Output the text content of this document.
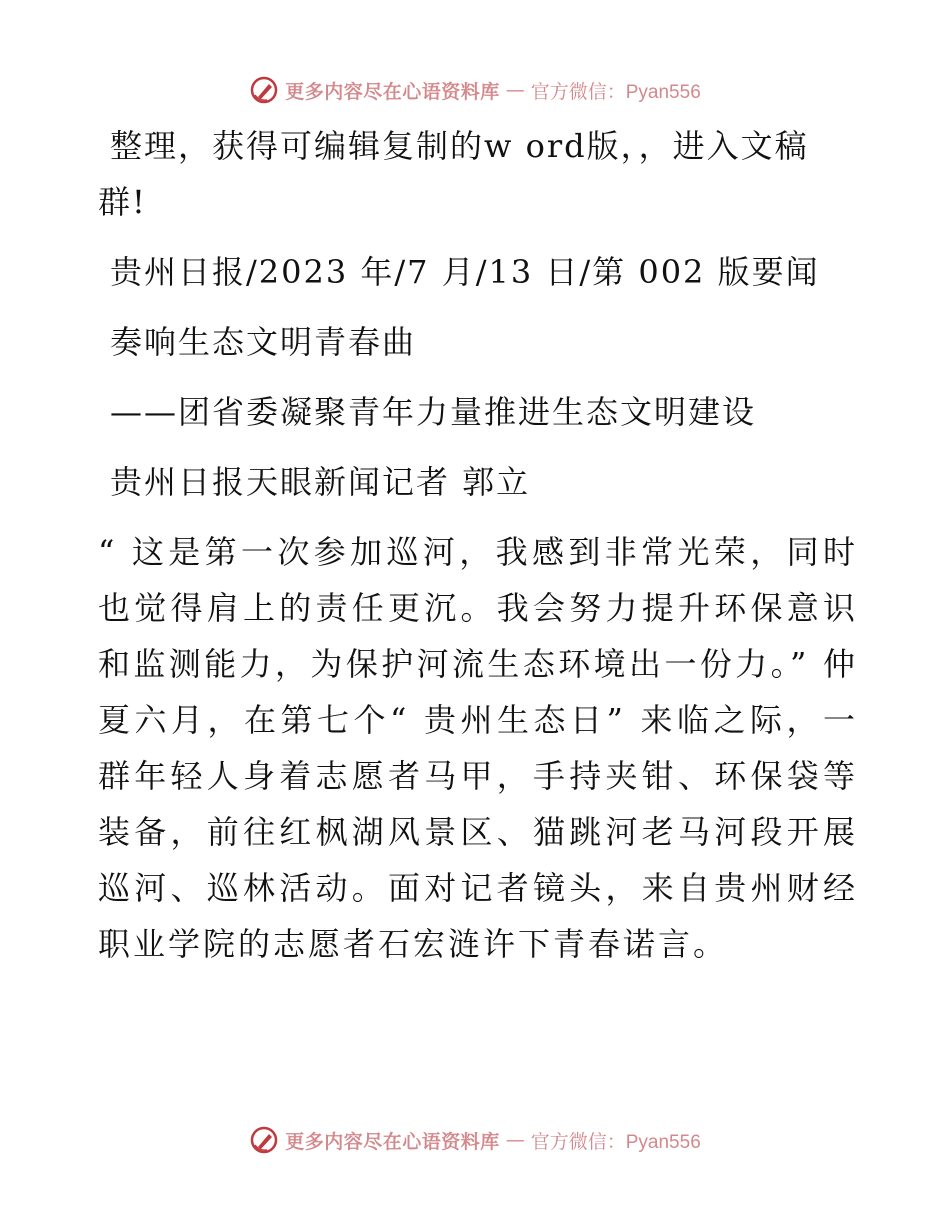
更多内容尽在心语资料库 — 官方微信：Pyan556
整理，获得可编辑复制的w ord版，，进入文稿
群!
贵州日报/2023 年/7 月/13 日/第 002 版要闻
奏响生态文明青春曲
——团省委凝聚青年力量推进生态文明建设
贵州日报天眼新闻记者 郭立
“ 这是第一次参加巡河，我感到非常光荣，同时也觉得肩上的责任更沉。我会努力提升环保意识和监测能力，为保护河流生态环境出一份力。” 仲夏六月，在第七个“ 贵州生态日” 来临之际，一群年轻人身着志愿者马甲，手持夹钳、环保袋等装备，前往红枫湖风景区、猫跳河老马河段开展巡河、巡林活动。面对记者镜头，来自贵州财经职业学院的志愿者石宏涟许下青春诺言。
更多内容尽在心语资料库 — 官方微信：Pyan556
